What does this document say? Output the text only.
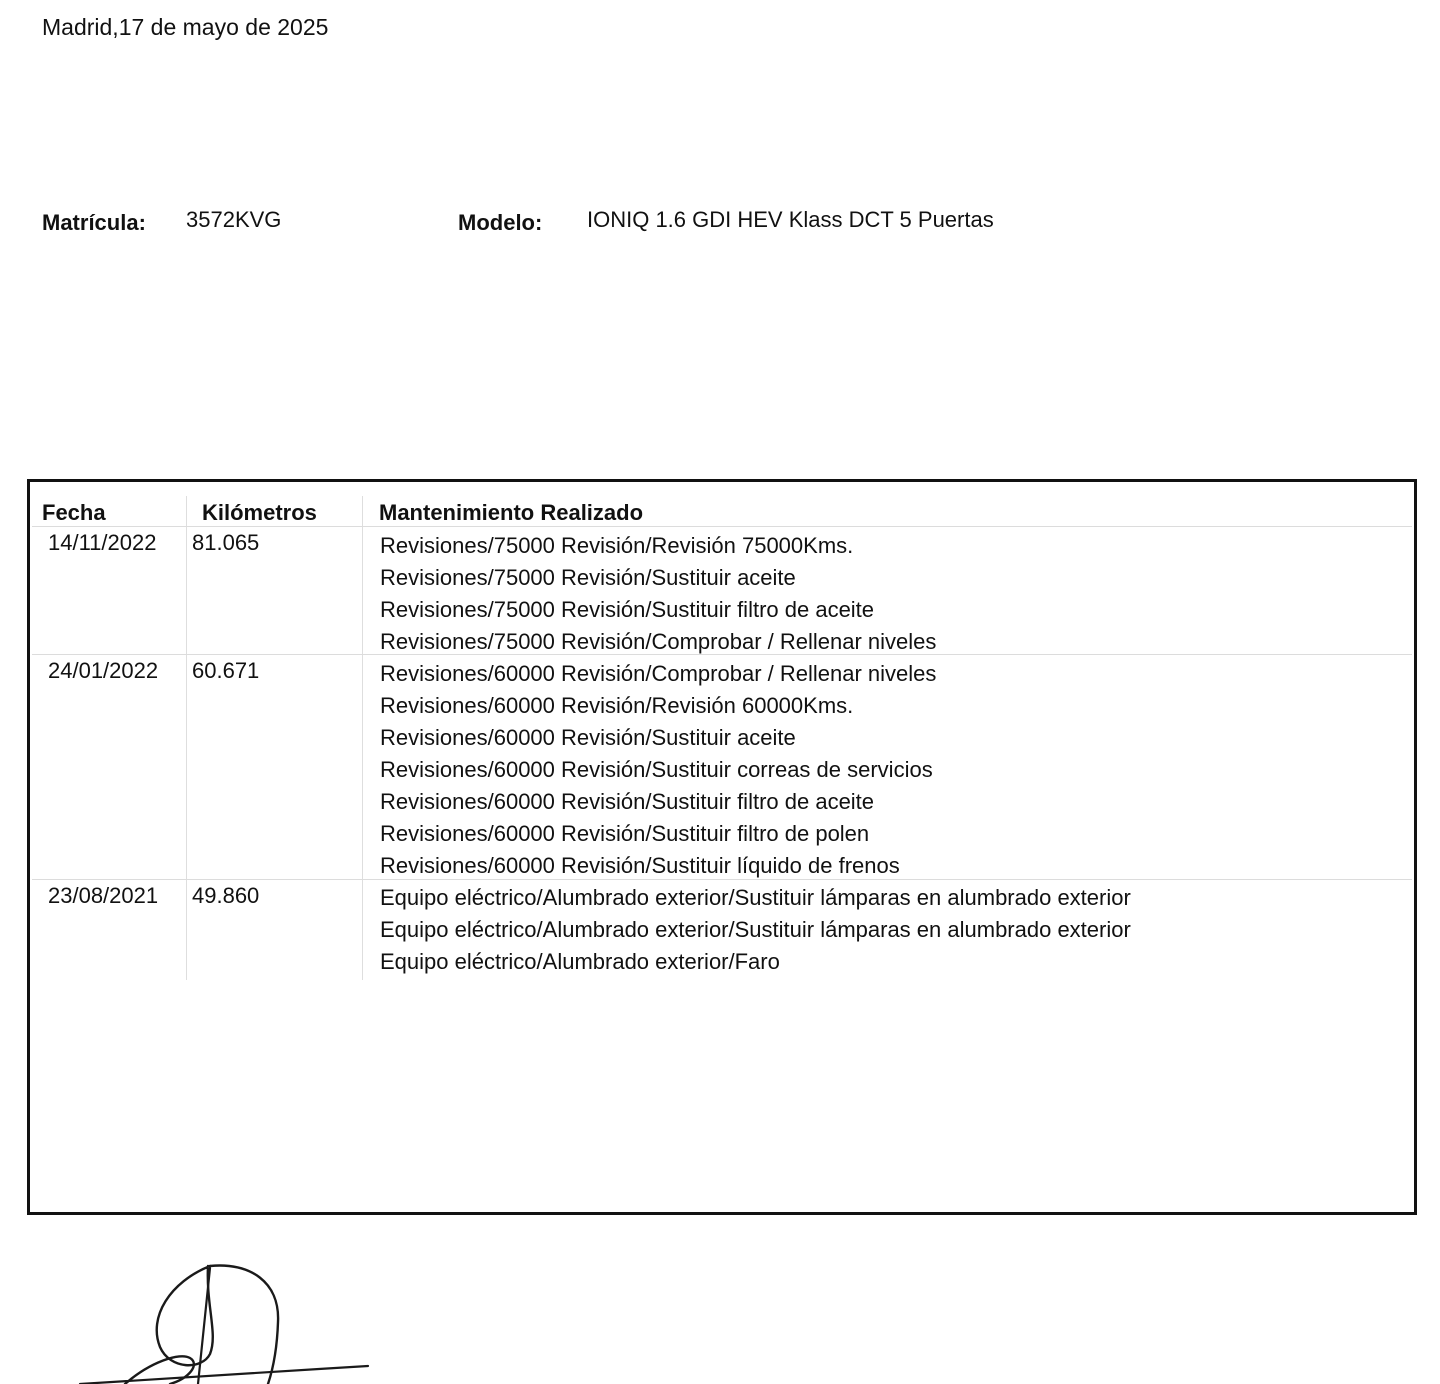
Madrid,17 de mayo de 2025
Matrícula: 3572KVG	Modelo: IONIQ 1.6 GDI HEV Klass DCT 5 Puertas
Fecha	Kilómetros	Mantenimiento Realizado
14/11/2022 81.065	Revisiones/75000 Revisión/Revisión 75000Kms.
Revisiones/75000 Revisión/Sustituir aceite
Revisiones/75000 Revisión/Sustituir filtro de aceite
Revisiones/75000 Revisión/Comprobar / Rellenar niveles
24/01/2022 60.671	Revisiones/60000 Revisión/Comprobar / Rellenar niveles
Revisiones/60000 Revisión/Revisión 60000Kms.
Revisiones/60000 Revisión/Sustituir aceite
Revisiones/60000 Revisión/Sustituir correas de servicios
Revisiones/60000 Revisión/Sustituir filtro de aceite
Revisiones/60000 Revisión/Sustituir filtro de polen
Revisiones/60000 Revisión/Sustituir líquido de frenos
23/08/2021 49.860	Equipo eléctrico/Alumbrado exterior/Sustituir lámparas en alumbrado exterior
Equipo eléctrico/Alumbrado exterior/Sustituir lámparas en alumbrado exterior
Equipo eléctrico/Alumbrado exterior/Faro
